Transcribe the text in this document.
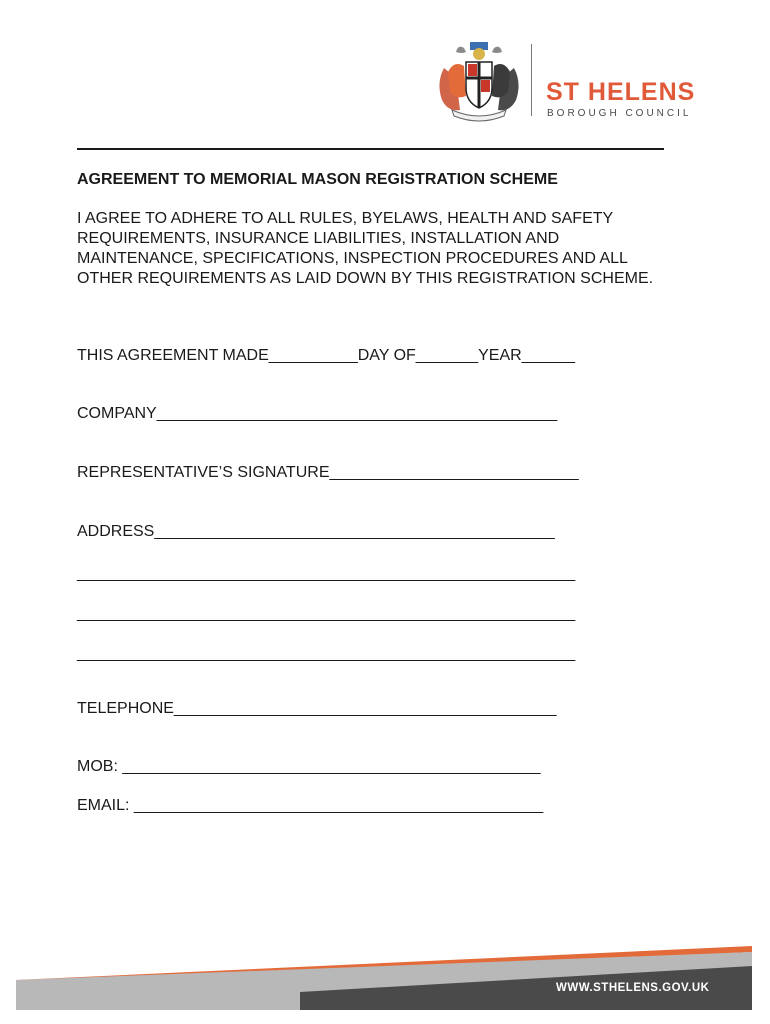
ST HELENS
BOROUGH COUNCIL
AGREEMENT TO MEMORIAL MASON REGISTRATION SCHEME
I AGREE TO ADHERE TO ALL RULES, BYELAWS, HEALTH AND SAFETY REQUIREMENTS, INSURANCE LIABILITIES, INSTALLATION AND MAINTENANCE, SPECIFICATIONS, INSPECTION PROCEDURES AND ALL OTHER REQUIREMENTS AS LAID DOWN BY THIS REGISTRATION SCHEME.
THIS AGREEMENT MADE__________DAY OF_______YEAR______
COMPANY_____________________________________________
REPRESENTATIVE’S SIGNATURE____________________________
ADDRESS_____________________________________________
________________________________________________________
________________________________________________________
________________________________________________________
TELEPHONE___________________________________________
MOB: _______________________________________________
EMAIL: ______________________________________________
WWW.STHELENS.GOV.UK
